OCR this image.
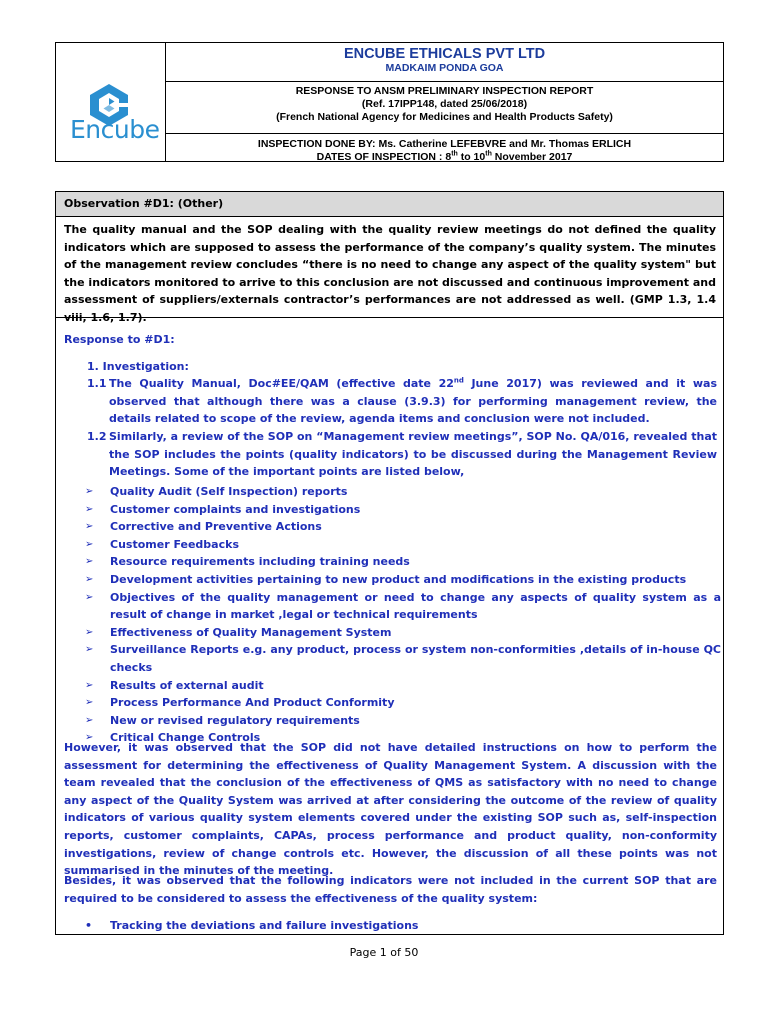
Encube
ENCUBE ETHICALS PVT LTD
MADKAIM PONDA GOA
RESPONSE TO ANSM PRELIMINARY INSPECTION REPORT
(Ref. 17IPP148, dated 25/06/2018)
(French National Agency for Medicines and Health Products Safety)
INSPECTION DONE BY: Ms. Catherine LEFEBVRE and Mr. Thomas ERLICH
DATES OF INSPECTION : 8th to 10th November 2017
Observation #D1: (Other)
The quality manual and the SOP dealing with the quality review meetings do not defined the quality indicators which are supposed to assess the performance of the company’s quality system. The minutes of the management review concludes “there is no need to change any aspect of the quality system" but the indicators monitored to arrive to this conclusion are not discussed and continuous improvement and assessment of suppliers/externals contractor’s performances are not addressed as well. (GMP 1.3, 1.4 viii, 1.6, 1.7).
Response to #D1:
1. Investigation:
1.1 The Quality Manual, Doc#EE/QAM (effective date 22nd June 2017) was reviewed and it was observed that although there was a clause (3.9.3) for performing management review, the details related to scope of the review, agenda items and conclusion were not included.
1.2 Similarly, a review of the SOP on “Management review meetings”, SOP No. QA/016, revealed that the SOP includes the points (quality indicators) to be discussed during the Management Review Meetings. Some of the important points are listed below,
➢ Quality Audit (Self Inspection) reports
➢ Customer complaints and investigations
➢ Corrective and Preventive Actions
➢ Customer Feedbacks
➢ Resource requirements including training needs
➢ Development activities pertaining to new product and modifications in the existing products
➢ Objectives of the quality management or need to change any aspects of quality system as a result of change in market ,legal or technical requirements
➢ Effectiveness of Quality Management System
➢ Surveillance Reports e.g. any product, process or system non-conformities ,details of in-house QC checks
➢ Results of external audit
➢ Process Performance And Product Conformity
➢ New or revised regulatory requirements
➢ Critical Change Controls
However, it was observed that the SOP did not have detailed instructions on how to perform the assessment for determining the effectiveness of Quality Management System. A discussion with the team revealed that the conclusion of the effectiveness of QMS as satisfactory with no need to change any aspect of the Quality System was arrived at after considering the outcome of the review of quality indicators of various quality system elements covered under the existing SOP such as, self-inspection reports, customer complaints, CAPAs, process performance and product quality, non-conformity investigations, review of change controls etc. However, the discussion of all these points was not summarised in the minutes of the meeting.
Besides, it was observed that the following indicators were not included in the current SOP that are required to be considered to assess the effectiveness of the quality system:
• Tracking the deviations and failure investigations
Page 1 of 50
